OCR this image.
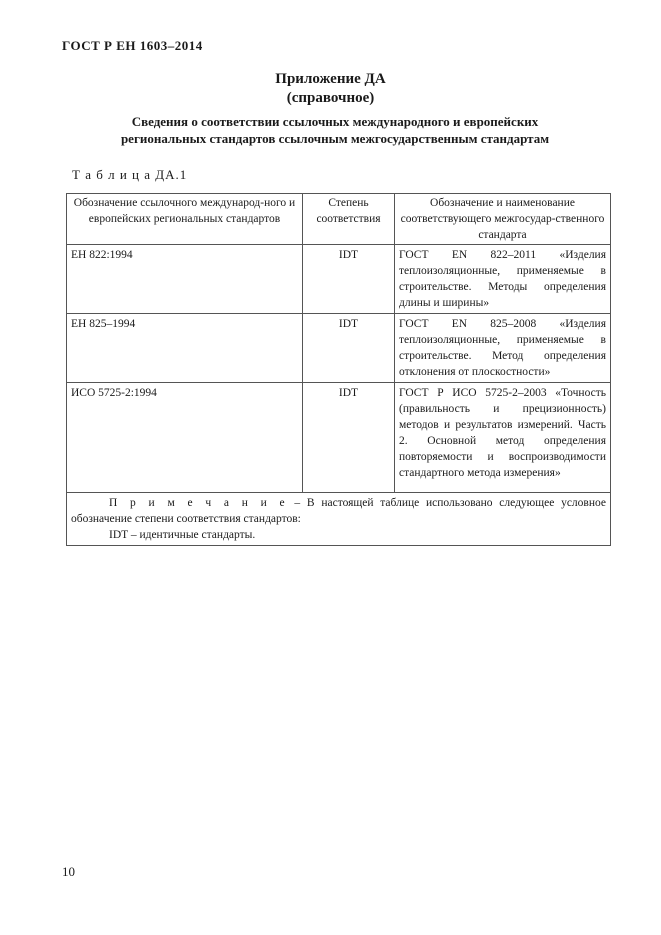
ГОСТ Р ЕН 1603–2014
Приложение ДА
(справочное)
Сведения о соответствии ссылочных международного и европейских
региональных стандартов ссылочным межгосударственным стандартам
Т а б л и ц а ДА.1
Обозначение ссылочного международ-ного и европейских региональных стандартов	Степень соответствия	Обозначение и наименование соответствующего межгосудар-ственного стандарта
ЕН 822:1994	IDT	ГОСТ EN 822–2011 «Изделия теплоизоляционные, применяемые в строительстве. Методы определения длины и ширины»
ЕН 825–1994	IDT	ГОСТ EN 825–2008 «Изделия теплоизоляционные, применяемые в строительстве. Метод определения отклонения от плоскостности»
ИСО 5725-2:1994	IDT	ГОСТ Р ИСО 5725-2–2003 «Точность (правильность и прецизионность) методов и результатов измерений. Часть 2. Основной метод определения повторяемости и воспроизводимости стандартного метода измерения»

П р и м е ч а н и е – В настоящей таблице использовано следующее условное обозначение степени соответствия стандартов:
IDT – идентичные стандарты.		
10
